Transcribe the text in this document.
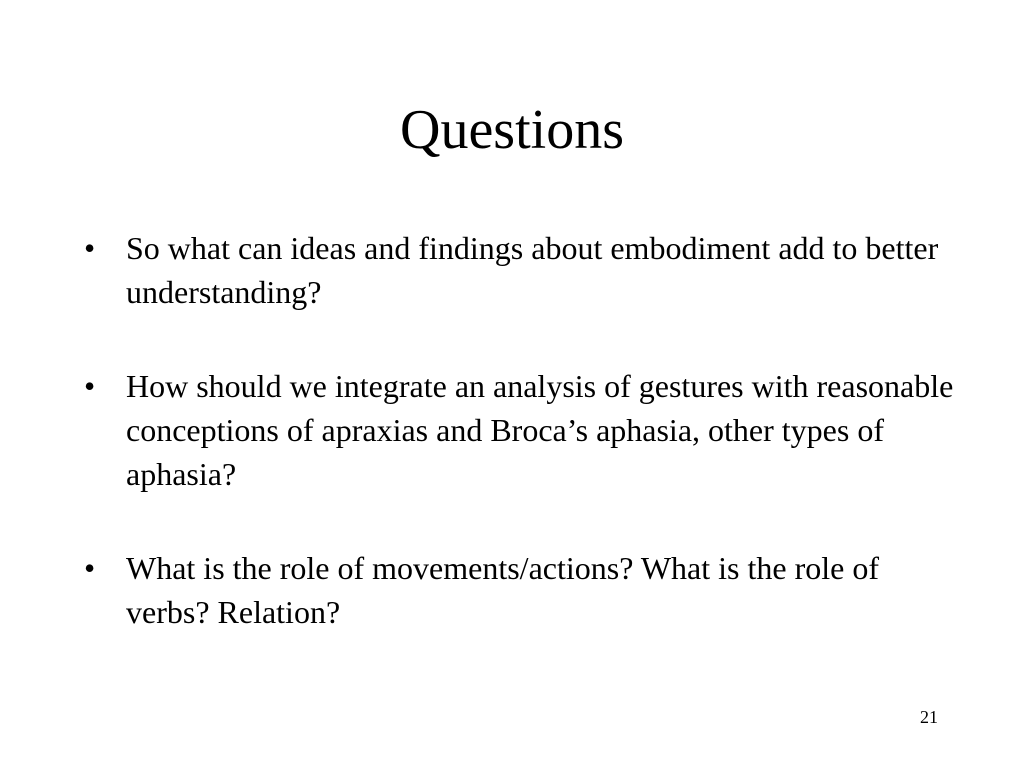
Questions
• So what can ideas and findings about embodiment add to better understanding?
• How should we integrate an analysis of gestures with reasonable conceptions of apraxias and Broca’s aphasia, other types of aphasia?
• What is the role of movements/actions? What is the role of verbs? Relation?
21
